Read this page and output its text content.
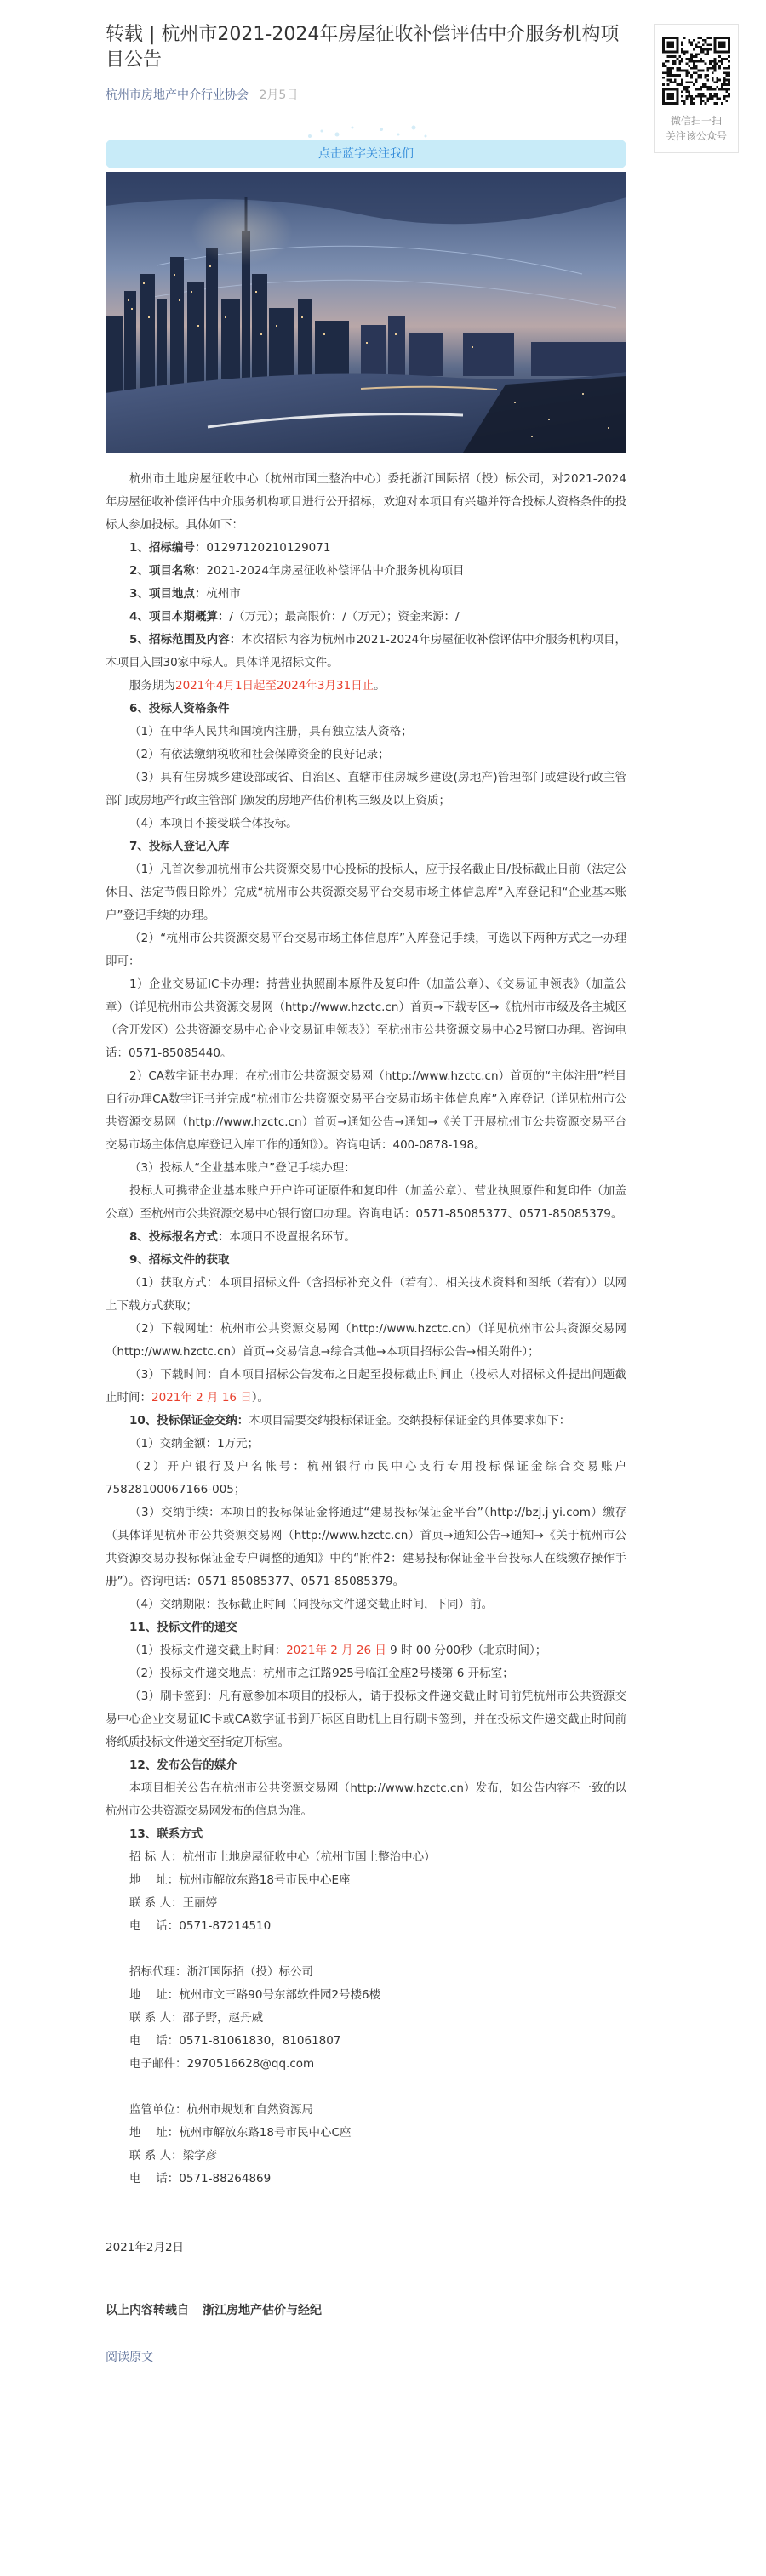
微信扫一扫
关注该公众号
转载 | 杭州市2021-2024年房屋征收补偿评估中介服务机构项目公告
杭州市房地产中介行业协会 2月5日
点击蓝字关注我们

杭州市土地房屋征收中心（杭州市国土整治中心）委托浙江国际招（投）标公司，对2021-2024年房屋征收补偿评估中介服务机构项目进行公开招标，欢迎对本项目有兴趣并符合投标人资格条件的投标人参加投标。具体如下：

1、招标编号：01297120210129071

2、项目名称：2021-2024年房屋征收补偿评估中介服务机构项目

3、项目地点：杭州市

4、项目本期概算：/（万元）；最高限价：/（万元）；资金来源：/

5、招标范围及内容：本次招标内容为杭州市2021-2024年房屋征收补偿评估中介服务机构项目，本项目入围30家中标人。具体详见招标文件。

服务期为2021年4月1日起至2024年3月31日止。

6、投标人资格条件

（1）在中华人民共和国境内注册，具有独立法人资格；

（2）有依法缴纳税收和社会保障资金的良好记录；

（3）具有住房城乡建设部或省、自治区、直辖市住房城乡建设(房地产)管理部门或建设行政主管部门或房地产行政主管部门颁发的房地产估价机构三级及以上资质；

（4）本项目不接受联合体投标。

7、投标人登记入库

（1）凡首次参加杭州市公共资源交易中心投标的投标人，应于报名截止日/投标截止日前（法定公休日、法定节假日除外）完成“杭州市公共资源交易平台交易市场主体信息库”入库登记和“企业基本账户”登记手续的办理。

（2）“杭州市公共资源交易平台交易市场主体信息库”入库登记手续，可选以下两种方式之一办理即可：

1）企业交易证IC卡办理：持营业执照副本原件及复印件（加盖公章）、《交易证申领表》（加盖公章）（详见杭州市公共资源交易网（http://www.hzctc.cn）首页→下载专区→《杭州市市级及各主城区（含开发区）公共资源交易中心企业交易证申领表》）至杭州市公共资源交易中心2号窗口办理。咨询电话：0571-85085440。

2）CA数字证书办理：在杭州市公共资源交易网（http://www.hzctc.cn）首页的“主体注册”栏目自行办理CA数字证书并完成“杭州市公共资源交易平台交易市场主体信息库”入库登记（详见杭州市公共资源交易网（http://www.hzctc.cn）首页→通知公告→通知→《关于开展杭州市公共资源交易平台交易市场主体信息库登记入库工作的通知》）。咨询电话：400-0878-198。

（3）投标人“企业基本账户”登记手续办理：

投标人可携带企业基本账户开户许可证原件和复印件（加盖公章）、营业执照原件和复印件（加盖公章）至杭州市公共资源交易中心银行窗口办理。咨询电话：0571-85085377、0571-85085379。

8、投标报名方式：本项目不设置报名环节。

9、招标文件的获取

（1）获取方式：本项目招标文件（含招标补充文件（若有）、相关技术资料和图纸（若有））以网上下载方式获取；

（2）下载网址：杭州市公共资源交易网（http://www.hzctc.cn）（详见杭州市公共资源交易网（http://www.hzctc.cn）首页→交易信息→综合其他→本项目招标公告→相关附件）；

（3）下载时间：自本项目招标公告发布之日起至投标截止时间止（投标人对招标文件提出问题截止时间：2021年 2 月 16 日）。

10、投标保证金交纳：本项目需要交纳投标保证金。交纳投标保证金的具体要求如下：

（1）交纳金额：1万元；

（2）开户银行及户名帐号：杭州银行市民中心支行专用投标保证金综合交易账户75828100067166-005；

（3）交纳手续：本项目的投标保证金将通过“建易投标保证金平台”（http://bzj.j-yi.com）缴存（具体详见杭州市公共资源交易网（http://www.hzctc.cn）首页→通知公告→通知→《关于杭州市公共资源交易办投标保证金专户调整的通知》中的“附件2：建易投标保证金平台投标人在线缴存操作手册”）。咨询电话：0571-85085377、0571-85085379。

（4）交纳期限：投标截止时间（同投标文件递交截止时间，下同）前。

11、投标文件的递交

（1）投标文件递交截止时间：2021年 2 月 26 日 9 时 00 分00秒（北京时间）；

（2）投标文件递交地点：杭州市之江路925号临江金座2号楼第 6 开标室；

（3）刷卡签到：凡有意参加本项目的投标人，请于投标文件递交截止时间前凭杭州市公共资源交易中心企业交易证IC卡或CA数字证书到开标区自助机上自行刷卡签到，并在投标文件递交截止时间前将纸质投标文件递交至指定开标室。

12、发布公告的媒介

本项目相关公告在杭州市公共资源交易网（http://www.hzctc.cn）发布，如公告内容不一致的以杭州市公共资源交易网发布的信息为准。

13、联系方式

招 标 人：杭州市土地房屋征收中心（杭州市国土整治中心）

地　 址：杭州市解放东路18号市民中心E座

联 系 人：王丽婷

电　 话：0571-87214510

招标代理：浙江国际招（投）标公司

地　 址：杭州市文三路90号东部软件园2号楼6楼

联 系 人：邵子野，赵丹威

电　 话：0571-81061830，81061807

电子邮件：2970516628@qq.com

监管单位：杭州市规划和自然资源局

地　 址：杭州市解放东路18号市民中心C座

联 系 人：梁学彦

电　 话：0571-88264869

2021年2月2日

以上内容转载自 浙江房地产估价与经纪
阅读原文
